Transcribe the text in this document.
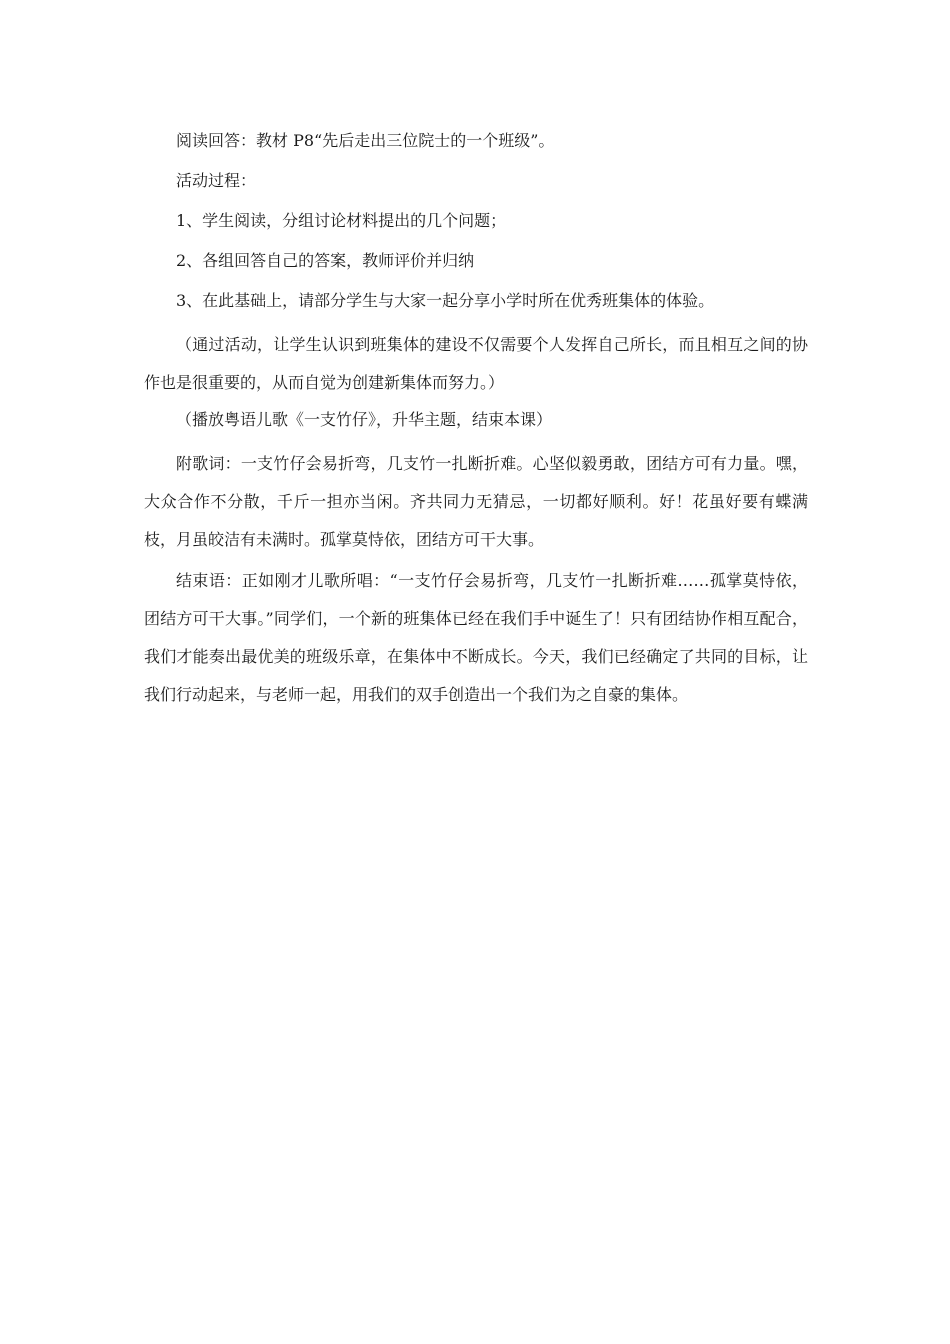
阅读回答：教材 P8“先后走出三位院士的一个班级”。

活动过程：

1、学生阅读，分组讨论材料提出的几个问题；

2、各组回答自己的答案，教师评价并归纳

3、在此基础上，请部分学生与大家一起分享小学时所在优秀班集体的体验。

（通过活动，让学生认识到班集体的建设不仅需要个人发挥自己所长，而且相互之间的协作也是很重要的，从而自觉为创建新集体而努力。）

（播放粤语儿歌《一支竹仔》，升华主题，结束本课）

附歌词：一支竹仔会易折弯，几支竹一扎断折难。心坚似毅勇敢，团结方可有力量。嘿，大众合作不分散，千斤一担亦当闲。齐共同力无猜忌，一切都好顺利。好！花虽好要有蝶满枝，月虽皎洁有未满时。孤掌莫恃依，团结方可干大事。

结束语：正如刚才儿歌所唱：“一支竹仔会易折弯，几支竹一扎断折难……孤掌莫恃依，团结方可干大事。”同学们，一个新的班集体已经在我们手中诞生了！只有团结协作相互配合，我们才能奏出最优美的班级乐章，在集体中不断成长。今天，我们已经确定了共同的目标，让我们行动起来，与老师一起，用我们的双手创造出一个我们为之自豪的集体。
